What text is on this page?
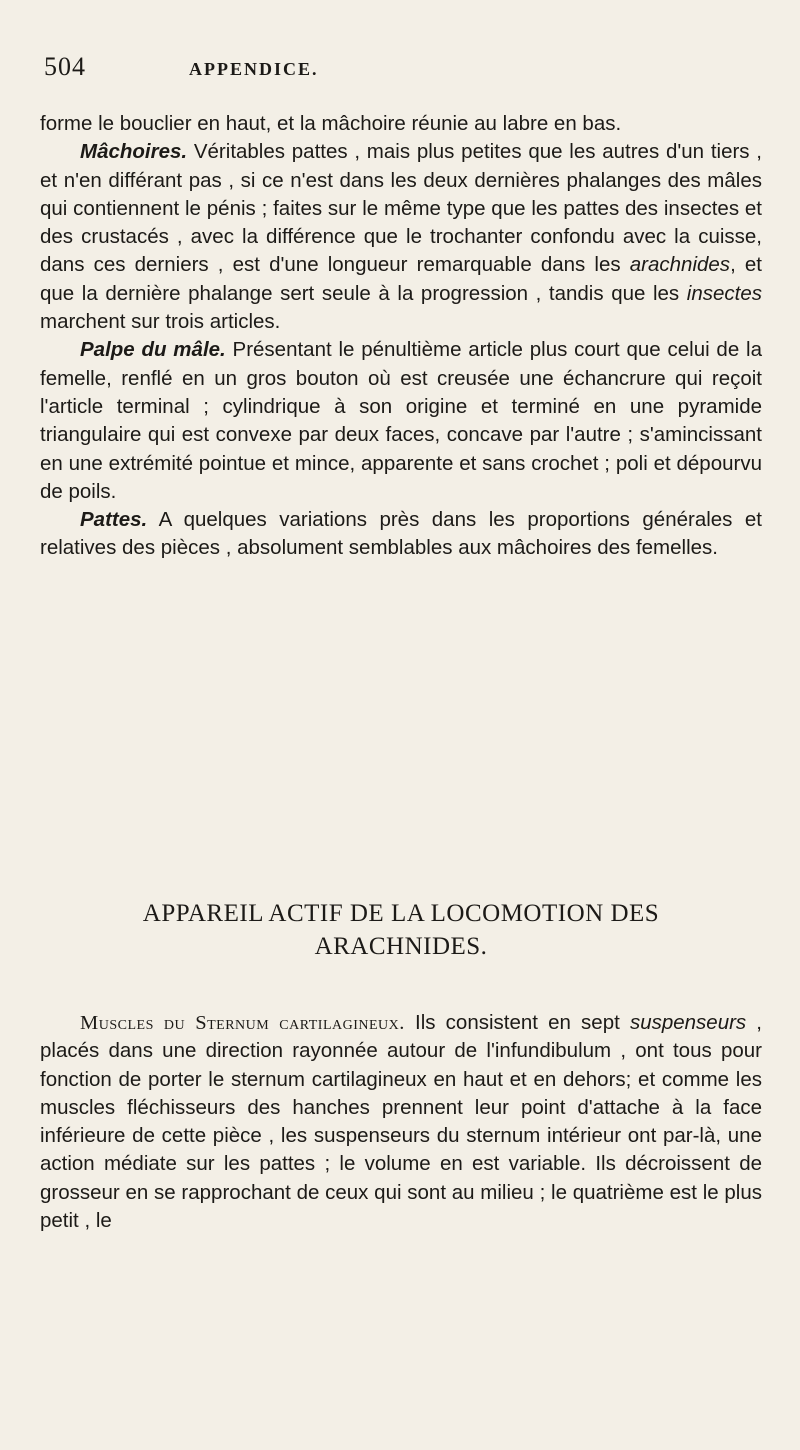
504	APPENDICE.

forme le bouclier en haut, et la mâchoire réunie au labre en bas.

Mâchoires. Véritables pattes , mais plus petites que les autres d'un tiers , et n'en différant pas , si ce n'est dans les deux dernières phalanges des mâles qui contiennent le pénis ; faites sur le même type que les pattes des insectes et des crustacés , avec la différence que le trochanter confondu avec la cuisse, dans ces derniers , est d'une longueur remarquable dans les arachnides, et que la dernière phalange sert seule à la progression , tandis que les insectes marchent sur trois articles.

Palpe du mâle. Présentant le pénultième article plus court que celui de la femelle, renflé en un gros bouton où est creusée une échancrure qui reçoit l'article terminal ; cylindrique à son origine et terminé en une pyramide triangulaire qui est convexe par deux faces, concave par l'autre ; s'amincissant en une extrémité pointue et mince, apparente et sans crochet ; poli et dépourvu de poils.

Pattes. A quelques variations près dans les proportions générales et relatives des pièces , absolument semblables aux mâchoires des femelles.

APPAREIL ACTIF DE LA LOCOMOTION DES
ARACHNIDES.

Muscles du Sternum cartilagineux. Ils consistent en sept suspenseurs , placés dans une direction rayonnée autour de l'infundibulum , ont tous pour fonction de porter le sternum cartilagineux en haut et en dehors; et comme les muscles fléchisseurs des hanches prennent leur point d'attache à la face inférieure de cette pièce , les suspenseurs du sternum intérieur ont par-là, une action médiate sur les pattes ; le volume en est variable. Ils décroissent de grosseur en se rapprochant de ceux qui sont au milieu ; le quatrième est le plus petit , le
